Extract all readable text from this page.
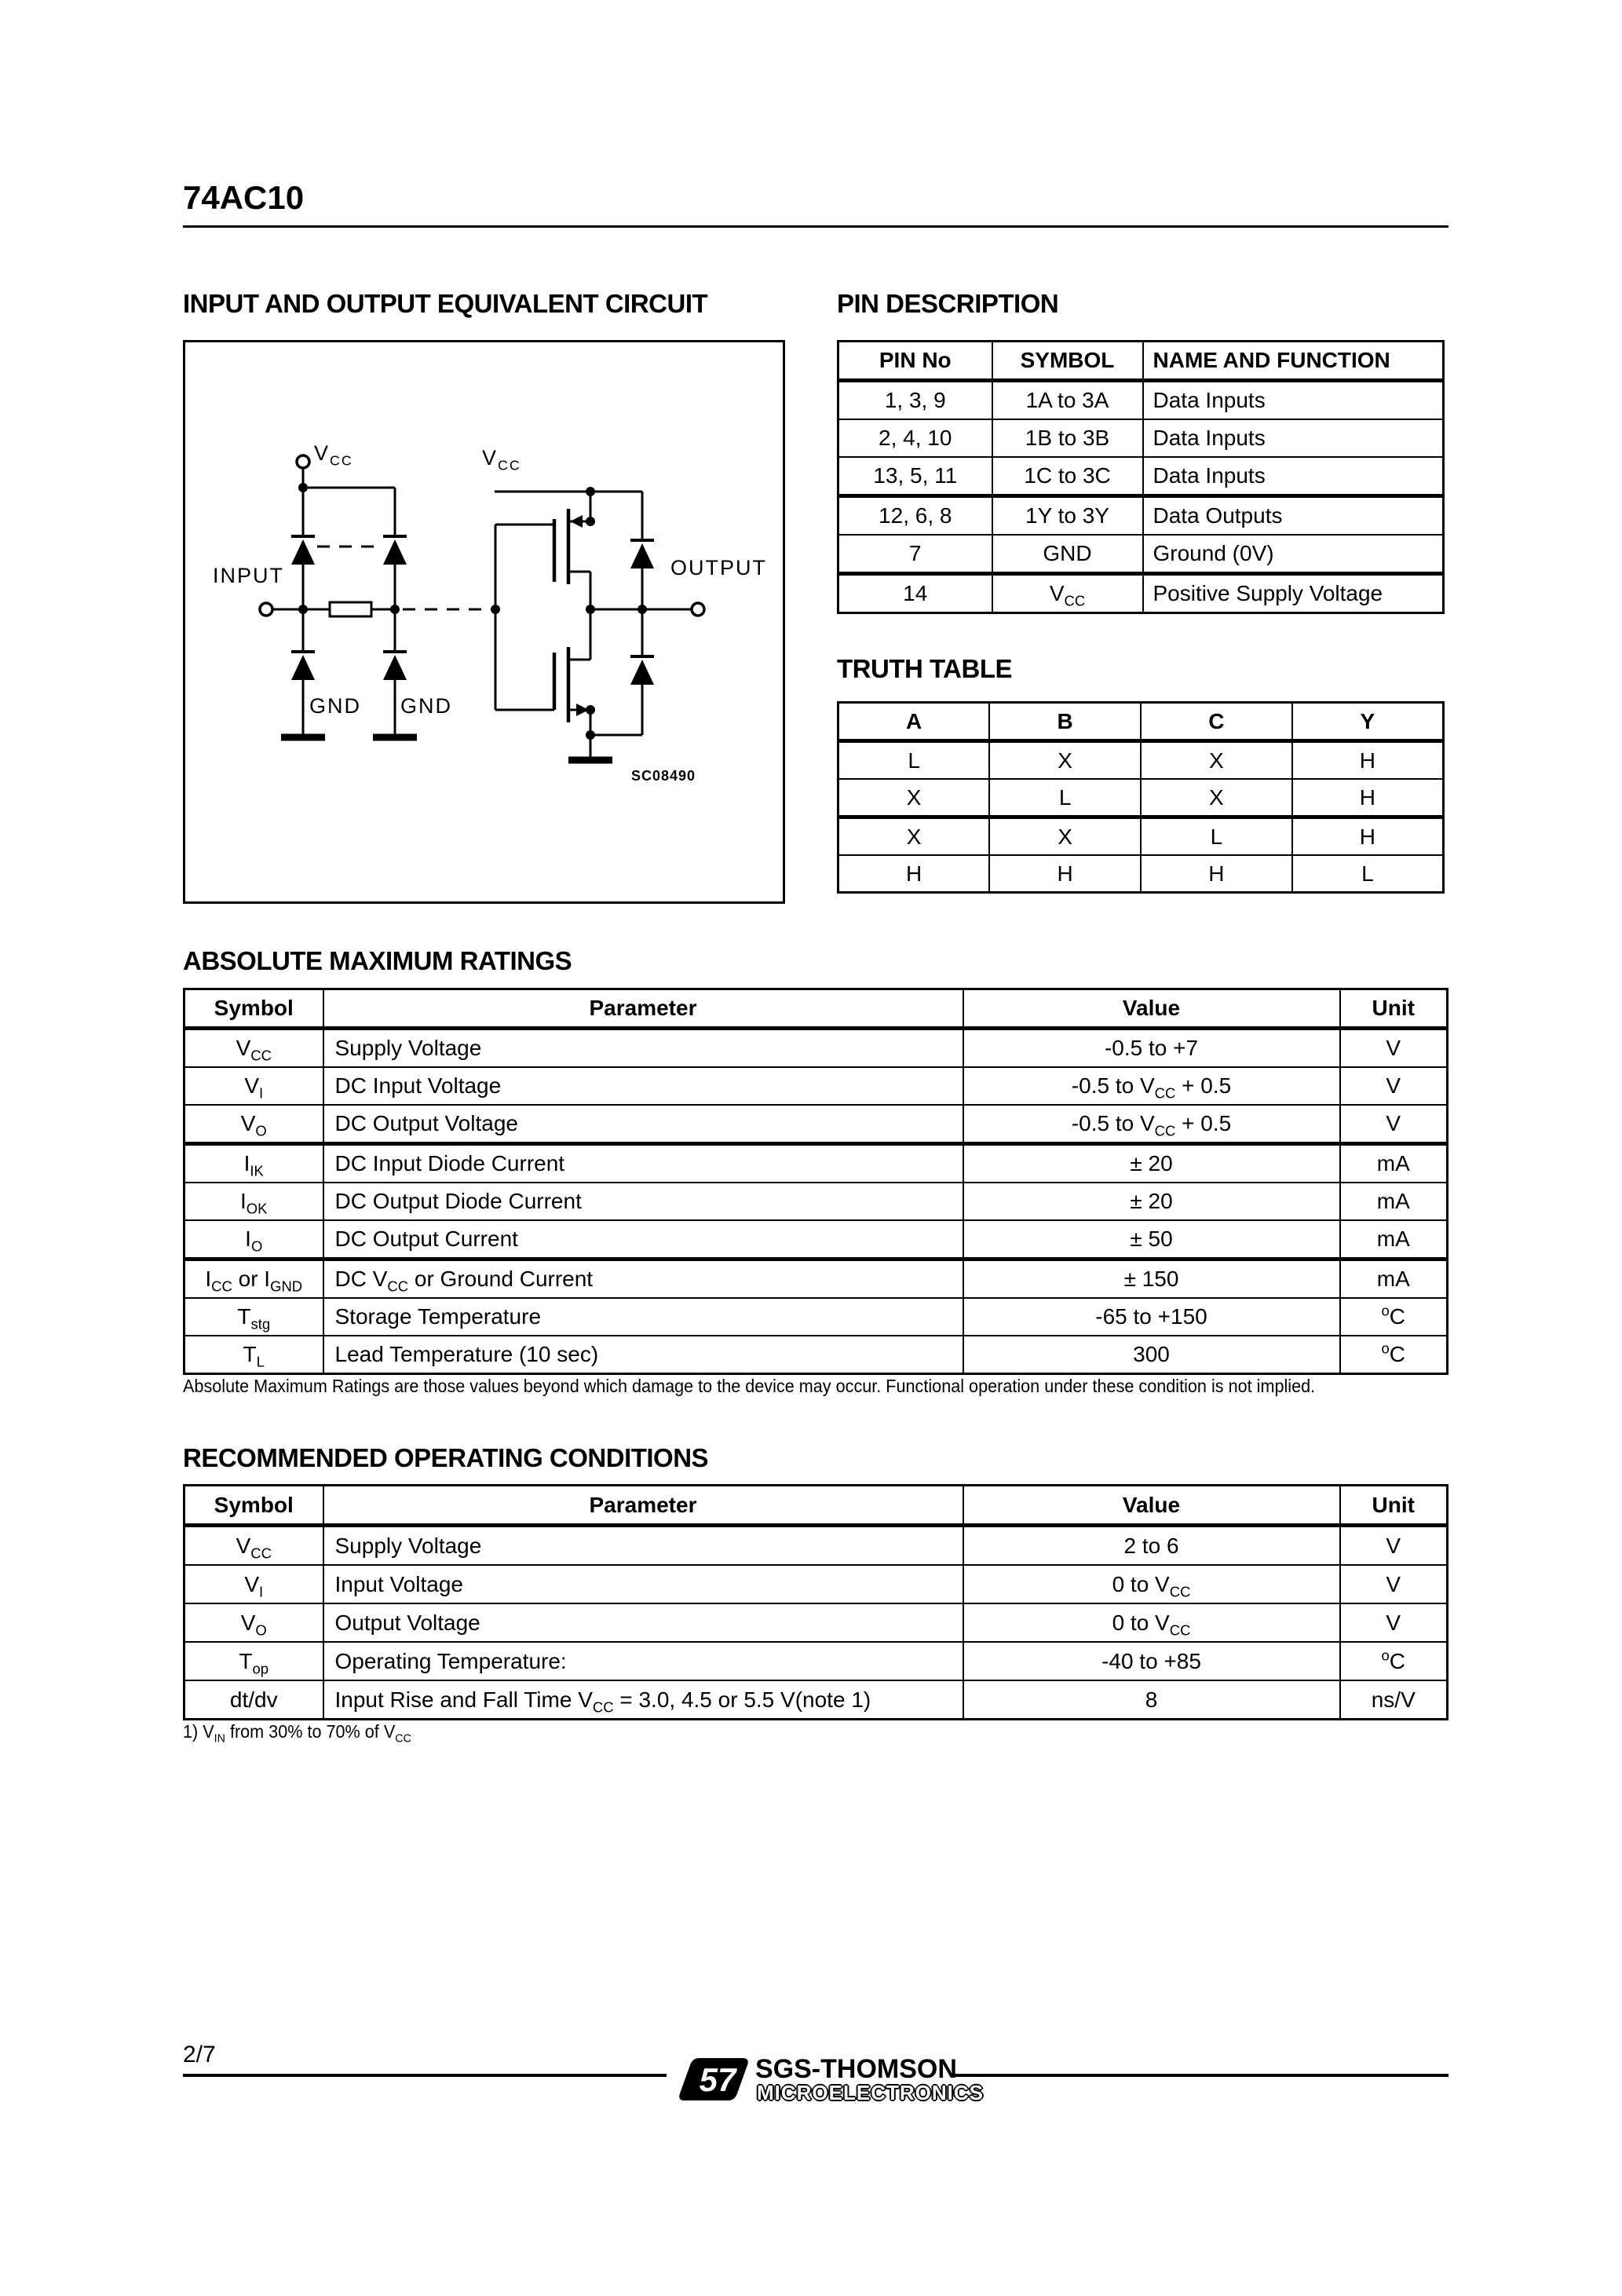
74AC10
INPUT AND OUTPUT EQUIVALENT CIRCUIT	PIN DESCRIPTION
$V_{CC}$	$V_{CC}$
INPUT	OUTPUT
GND GND
SC08490
PIN No	SYMBOL	NAME AND FUNCTION
1, 3, 9	1A to 3A	Data Inputs
2, 4, 10	1B to 3B	Data Inputs
13, 5, 11	1C to 3C	Data Inputs
12, 6, 8	1Y to 3Y	Data Outputs
7	GND	Ground (0V)
14	$V_{CC}$	Positive Supply Voltage
TRUTH TABLE
A	B	C	Y
L	X	X	H
X	L	X	H
X	X	L	H
H	H	H	L
ABSOLUTE MAXIMUM RATINGS
Symbol	Parameter	Value	Unit
$V_{CC}$	Supply Voltage	-0.5 to +7	V
$V_I$	DC Input Voltage	-0.5 to $V_{CC} + 0.5$	V
$V_O$	DC Output Voltage	-0.5 to $V_{CC} + 0.5$	V
$I_{IK}$	DC Input Diode Current	± 20	mA
$I_{OK}$	DC Output Diode Current	± 20	mA
$I_O$	DC Output Current	± 50	mA
$I_{CC}$ or $I_{GND}$	DC $V_{CC}$ or Ground Current	± 150	mA
$T_{stg}$	Storage Temperature	-65 to +150	$^o$C
$T_L$	Lead Temperature (10 sec)	300	$^o$C
Absolute Maximum Ratings are those values beyond which damage to the device may occur. Functional operation under these condition is not implied.
RECOMMENDED OPERATING CONDITIONS
Symbol	Parameter	Value	Unit
$V_{CC}$	Supply Voltage	2 to 6	V
$V_I$	Input Voltage	0 to $V_{CC}$	V
$V_O$	Output Voltage	0 to $V_{CC}$	V
$T_{op}$	Operating Temperature:	-40 to +85	$^o$C
dt/dv	Input Rise and Fall Time $V_{CC} = 3.0$, 4.5 or 5.5 V(note 1)	8	ns/V
1) $V_{IN}$ from 30% to 70% of $V_{CC}$
2/7
57 SGS-THOMSON
MICROELECTRONICS
